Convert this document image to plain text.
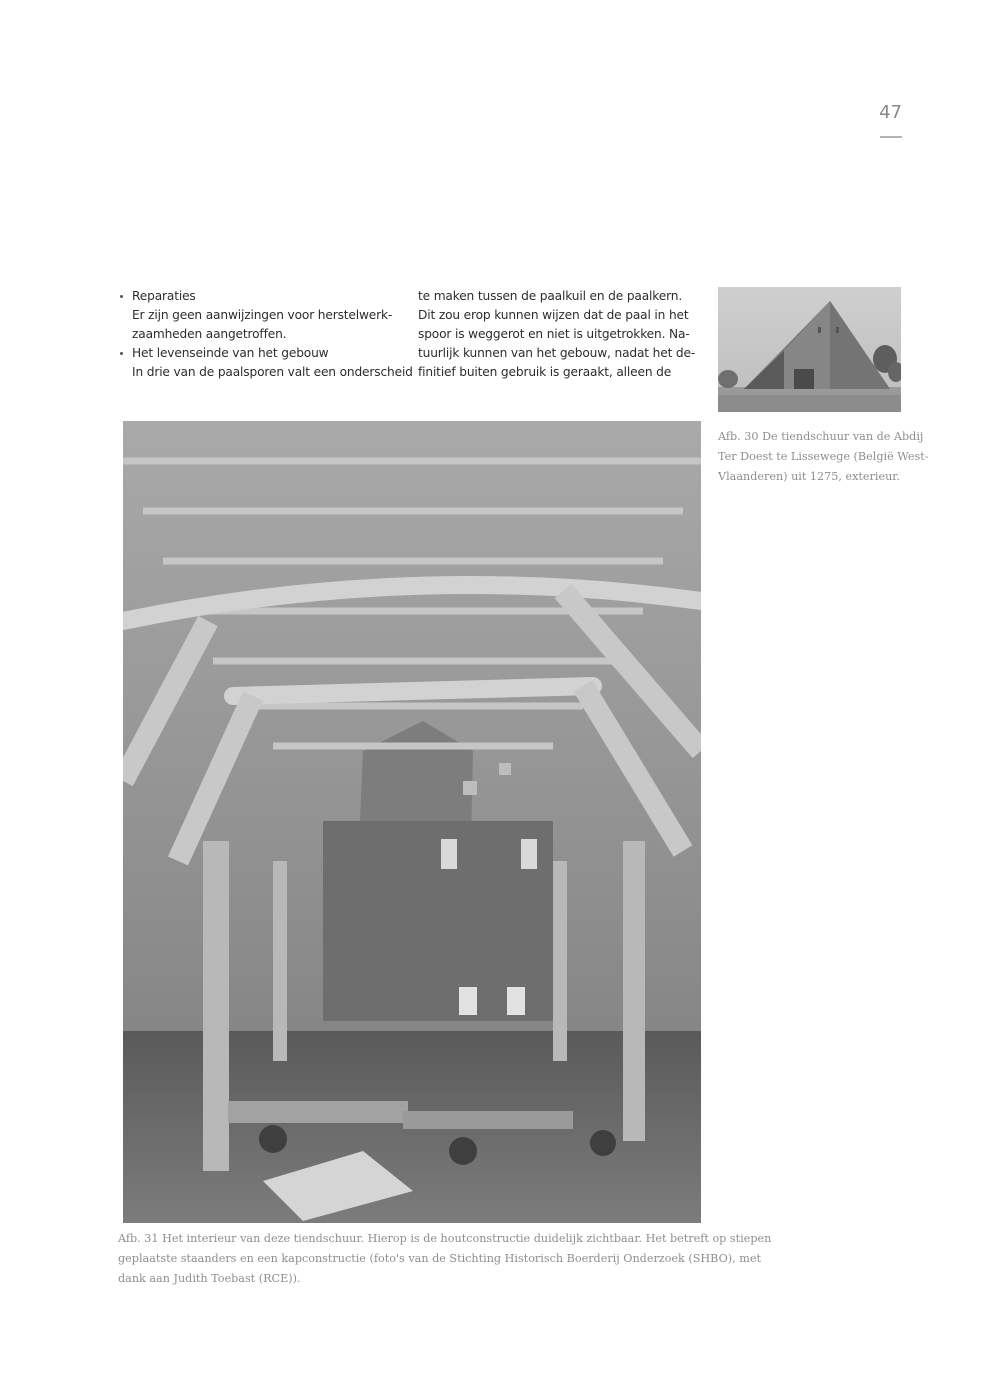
47
Reparaties
Er zijn geen aanwijzingen voor herstelwerk-
zaamheden aangetroffen.
Het levenseinde van het gebouw
In drie van de paalsporen valt een onderscheid
te maken tussen de paalkuil en de paalkern.
Dit zou erop kunnen wijzen dat de paal in het
spoor is weggerot en niet is uitgetrokken. Na-
tuurlijk kunnen van het gebouw, nadat het de-
finitief buiten gebruik is geraakt, alleen de
Afb. 30 De tiendschuur van de Abdij
Ter Doest te Lissewege (België West-
Vlaanderen) uit 1275, exterieur.
Afb. 31 Het interieur van deze tiendschuur. Hierop is de houtconstructie duidelijk zichtbaar. Het betreft op stiepen
geplaatste staanders en een kapconstructie (foto's van de Stichting Historisch Boerderij Onderzoek (SHBO), met
dank aan Judith Toebast (RCE)).
